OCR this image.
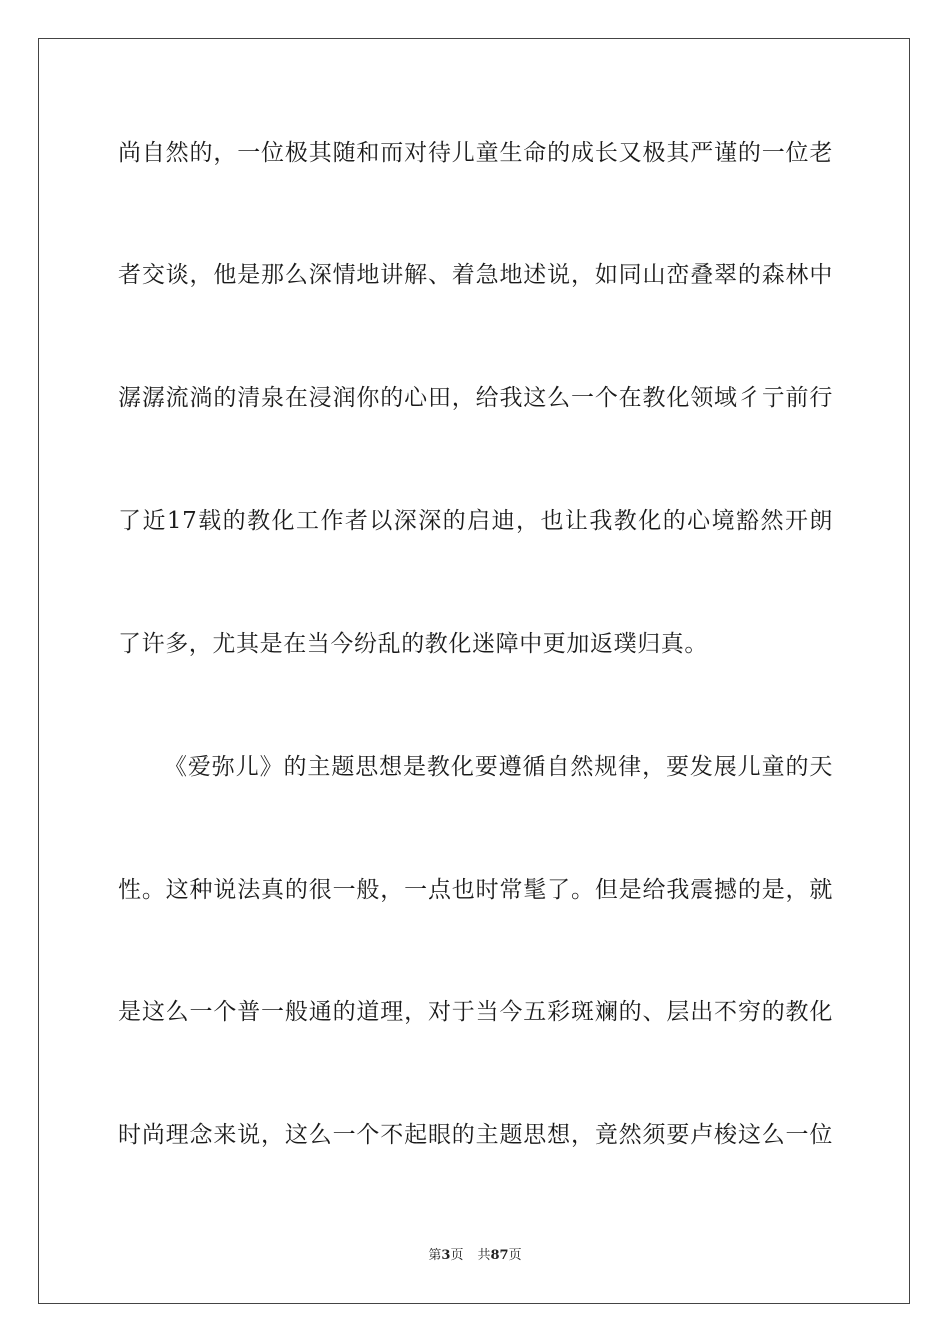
尚自然的，一位极其随和而对待儿童生命的成长又极其严谨的一位老
者交谈，他是那么深情地讲解、着急地述说，如同山峦叠翠的森林中
潺潺流淌的清泉在浸润你的心田，给我这么一个在教化领域彳亍前行
了近17载的教化工作者以深深的启迪，也让我教化的心境豁然开朗
了许多，尤其是在当今纷乱的教化迷障中更加返璞归真。
《爱弥儿》的主题思想是教化要遵循自然规律，要发展儿童的天
性。这种说法真的很一般，一点也时常髦了。但是给我震撼的是，就
是这么一个普一般通的道理，对于当今五彩斑斓的、层出不穷的教化
时尚理念来说，这么一个不起眼的主题思想，竟然须要卢梭这么一位
第3页 共87页
